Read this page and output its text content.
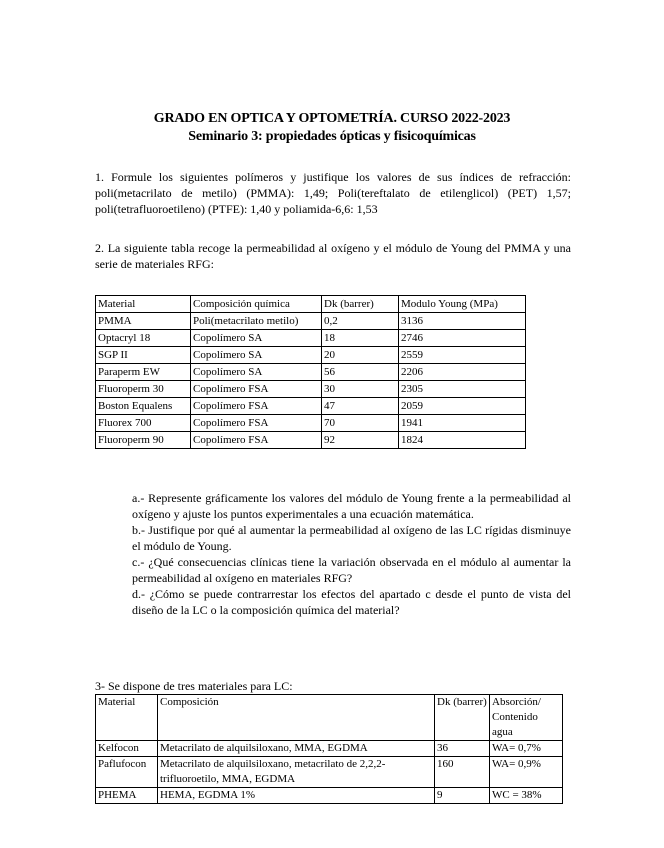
GRADO EN OPTICA Y OPTOMETRÍA. CURSO 2022-2023
Seminario 3: propiedades ópticas y fisicoquímicas

1. Formule los siguientes polímeros y justifique los valores de sus índices de refracción: poli(metacrilato de metilo) (PMMA): 1,49; Poli(tereftalato de etilenglicol) (PET) 1,57; poli(tetrafluoroetileno) (PTFE): 1,40 y poliamida-6,6: 1,53

2. La siguiente tabla recoge la permeabilidad al oxígeno y el módulo de Young del PMMA y una serie de materiales RFG:

Material	Composición química	Dk (barrer)	Modulo Young (MPa)
PMMA	Poli(metacrilato metilo)	0,2	3136
Optacryl 18	Copolímero SA	18	2746
SGP II	Copolímero SA	20	2559
Paraperm EW	Copolímero SA	56	2206
Fluoroperm 30	Copolímero FSA	30	2305
Boston Equalens	Copolímero FSA	47	2059
Fluorex 700	Copolímero FSA	70	1941
Fluoroperm 90	Copolímero FSA	92	1824

a.- Represente gráficamente los valores del módulo de Young frente a la permeabilidad al oxígeno y ajuste los puntos experimentales a una ecuación matemática.

b.- Justifique por qué al aumentar la permeabilidad al oxígeno de las LC rígidas disminuye el módulo de Young.

c.- ¿Qué consecuencias clínicas tiene la variación observada en el módulo al aumentar la permeabilidad al oxígeno en materiales RFG?

d.- ¿Cómo se puede contrarrestar los efectos del apartado c desde el punto de vista del diseño de la LC o la composición química del material?

3- Se dispone de tres materiales para LC:

Material	Composición	Dk (barrer)	Absorción/ Contenido agua
Kelfocon	Metacrilato de alquilsiloxano, MMA, EGDMA	36	WA= 0,7%
Paflufocon	Metacrilato de alquilsiloxano, metacrilato de 2,2,2-trifluoroetilo, MMA, EGDMA	160	WA= 0,9%
PHEMA	HEMA, EGDMA 1%	9	WC = 38%
